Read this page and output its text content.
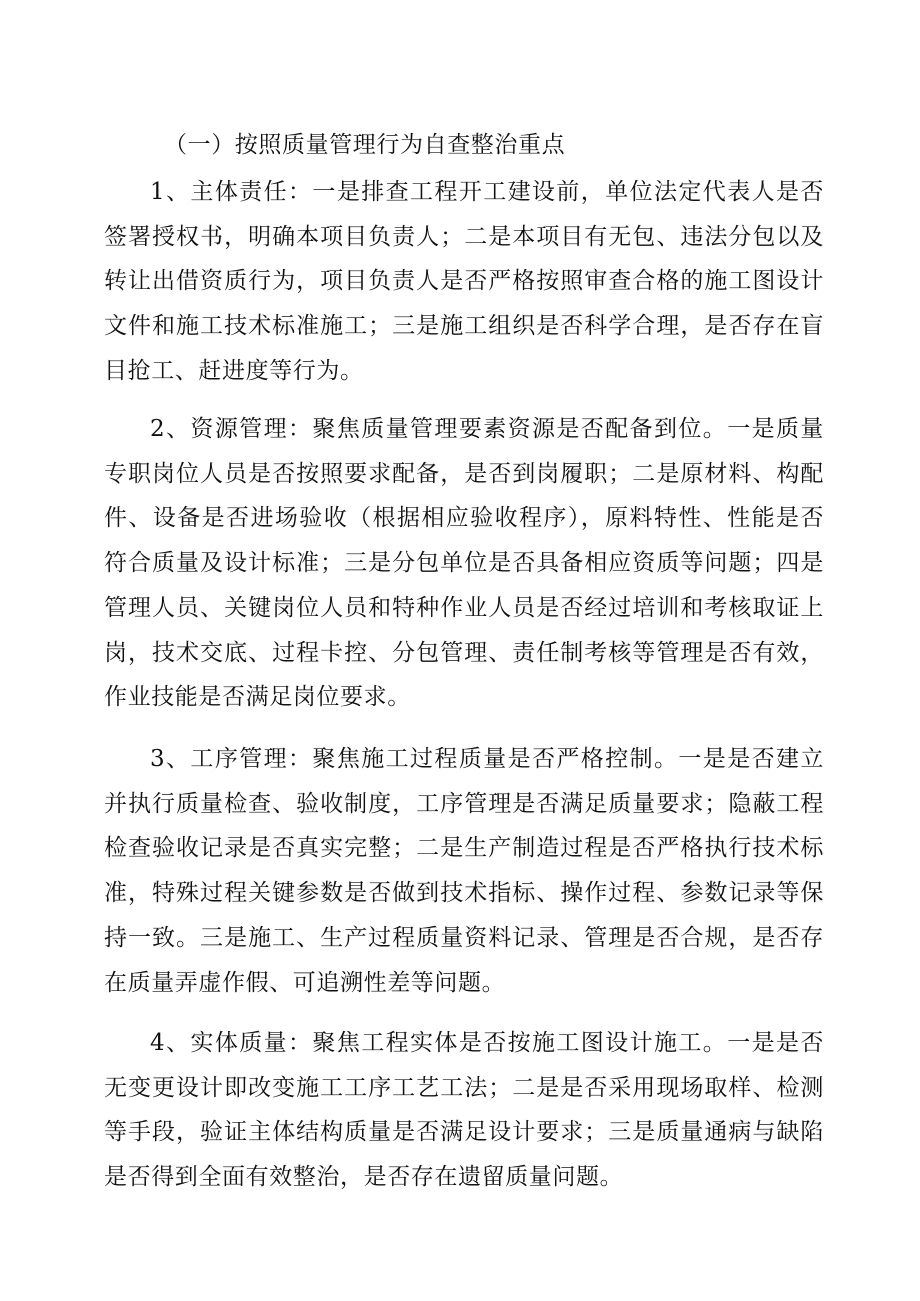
（一）按照质量管理行为自查整治重点

1、主体责任：一是排查工程开工建设前，单位法定代表人是否签署授权书，明确本项目负责人；二是本项目有无包、违法分包以及转让出借资质行为，项目负责人是否严格按照审查合格的施工图设计文件和施工技术标准施工；三是施工组织是否科学合理，是否存在盲目抢工、赶进度等行为。

2、资源管理：聚焦质量管理要素资源是否配备到位。一是质量专职岗位人员是否按照要求配备，是否到岗履职；二是原材料、构配件、设备是否进场验收（根据相应验收程序），原料特性、性能是否符合质量及设计标准；三是分包单位是否具备相应资质等问题；四是管理人员、关键岗位人员和特种作业人员是否经过培训和考核取证上岗，技术交底、过程卡控、分包管理、责任制考核等管理是否有效，作业技能是否满足岗位要求。

3、工序管理：聚焦施工过程质量是否严格控制。一是是否建立并执行质量检查、验收制度，工序管理是否满足质量要求；隐蔽工程检查验收记录是否真实完整；二是生产制造过程是否严格执行技术标准，特殊过程关键参数是否做到技术指标、操作过程、参数记录等保持一致。三是施工、生产过程质量资料记录、管理是否合规，是否存在质量弄虚作假、可追溯性差等问题。

4、实体质量：聚焦工程实体是否按施工图设计施工。一是是否无变更设计即改变施工工序工艺工法；二是是否采用现场取样、检测等手段，验证主体结构质量是否满足设计要求；三是质量通病与缺陷是否得到全面有效整治，是否存在遗留质量问题。
